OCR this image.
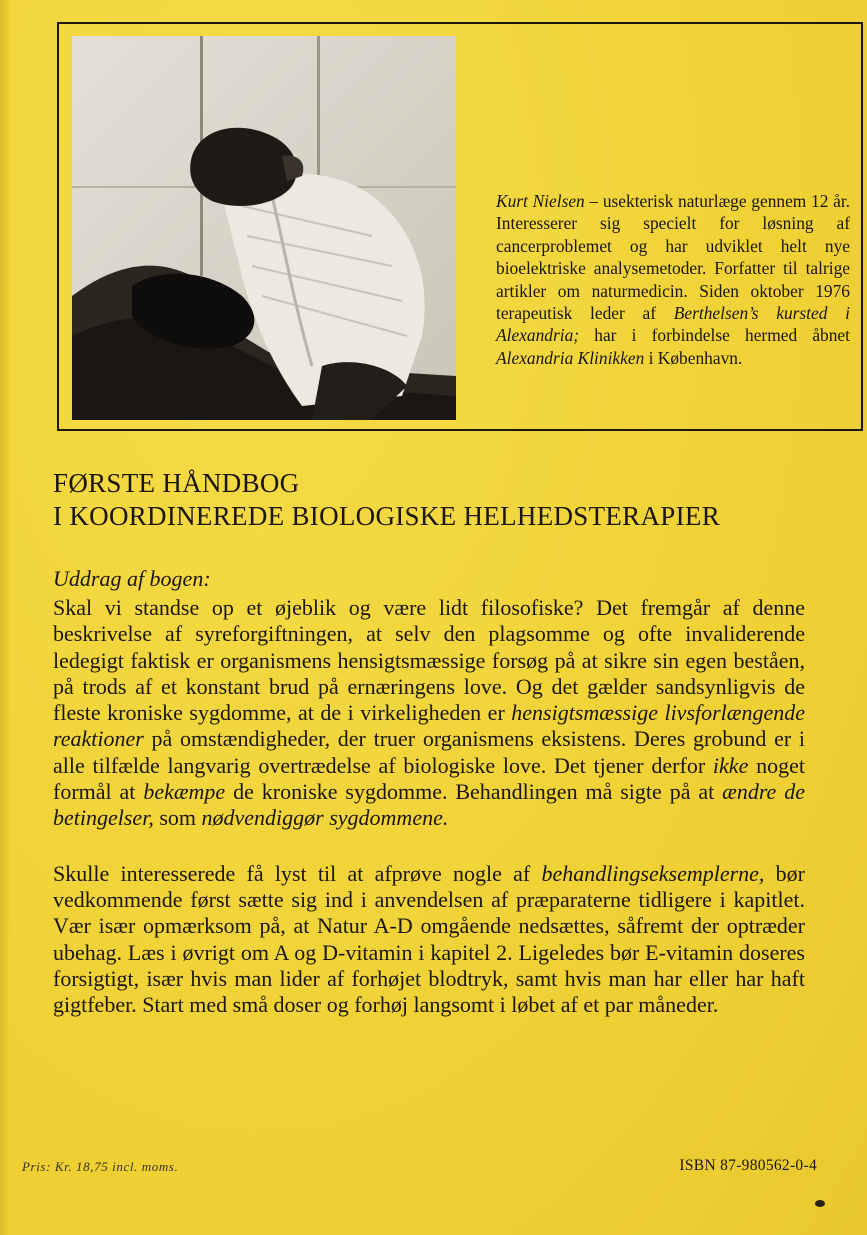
Kurt Nielsen – usekterisk naturlæge gennem 12 år. Interesserer sig specielt for løsning af cancerproblemet og har udviklet helt nye bioelektriske analysemetoder. Forfatter til talrige artikler om naturmedicin. Siden oktober 1976 terapeutisk leder af Berthelsen’s kursted i Alexandria; har i forbindelse hermed åbnet Alexandria Klinikken i København.

FØRSTE HÅNDBOG
I KOORDINEREDE BIOLOGISKE HELHEDSTERAPIER
Uddrag af bogen:

Skal vi standse op et øjeblik og være lidt filosofiske? Det fremgår af denne beskrivelse af syreforgiftningen, at selv den plagsomme og ofte invaliderende ledegigt faktisk er organismens hensigtsmæssige forsøg på at sikre sin egen beståen, på trods af et konstant brud på ernæringens love. Og det gælder sandsynligvis de fleste kroniske sygdomme, at de i virkeligheden er hensigtsmæssige livsforlængende reaktioner på omstændigheder, der truer organismens eksistens. Deres grobund er i alle tilfælde langvarig overtrædelse af biologiske love. Det tjener derfor ikke noget formål at bekæmpe de kroniske sygdomme. Behandlingen må sigte på at ændre de betingelser, som nødvendiggør sygdommene.

Skulle interesserede få lyst til at afprøve nogle af behandlingseksemplerne, bør vedkommende først sætte sig ind i anvendelsen af præparaterne tidligere i kapitlet. Vær især opmærksom på, at Natur A-D omgående nedsættes, såfremt der optræder ubehag. Læs i øvrigt om A og D-vitamin i kapitel 2. Ligeledes bør E-vitamin doseres forsigtigt, især hvis man lider af forhøjet blodtryk, samt hvis man har eller har haft gigtfeber. Start med små doser og forhøj langsomt i løbet af et par måneder.

Pris: Kr. 18,75 incl. moms.	ISBN 87-980562-0-4
